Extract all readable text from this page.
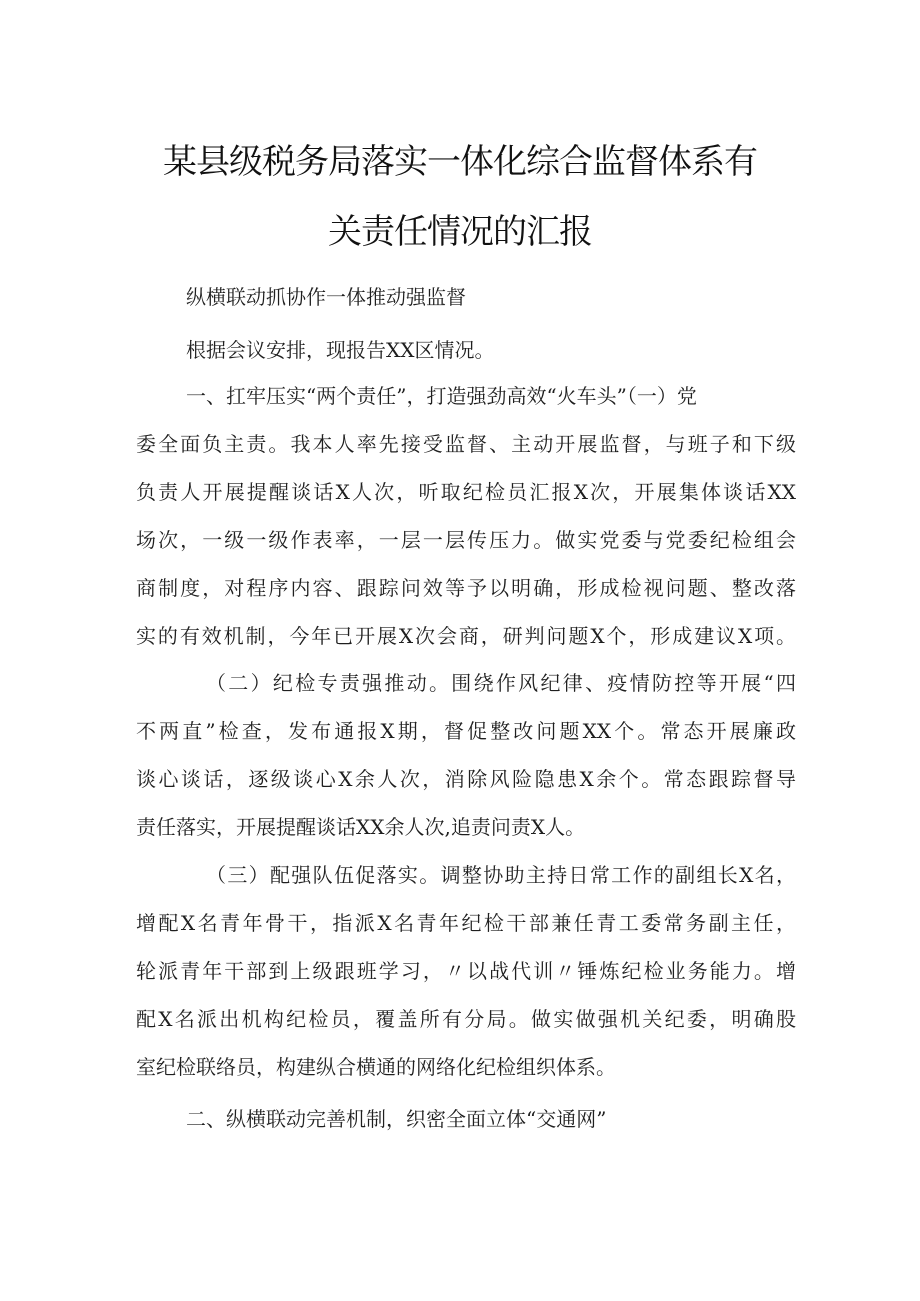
某县级税务局落实一体化综合监督体系有
关责任情况的汇报
纵横联动抓协作一体推动强监督
根据会议安排，现报告XX区情况。
一、扛牢压实“两个责任”，打造强劲高效“火车头”（一）党
委全面负主责。我本人率先接受监督、主动开展监督，与班子和下级
负责人开展提醒谈话X人次，听取纪检员汇报X次，开展集体谈话XX
场次，一级一级作表率，一层一层传压力。做实党委与党委纪检组会
商制度，对程序内容、跟踪问效等予以明确，形成检视问题、整改落
实的有效机制，今年已开展X次会商，研判问题X个，形成建议X项。
（二）纪检专责强推动。围绕作风纪律、疫情防控等开展“四
不两直”检查，发布通报X期，督促整改问题XX个。常态开展廉政
谈心谈话，逐级谈心X余人次，消除风险隐患X余个。常态跟踪督导
责任落实，开展提醒谈话XX余人次,追责问责X人。
（三）配强队伍促落实。调整协助主持日常工作的副组长X名，
增配X名青年骨干，指派X名青年纪检干部兼任青工委常务副主任，
轮派青年干部到上级跟班学习，〃以战代训〃锤炼纪检业务能力。增
配X名派出机构纪检员，覆盖所有分局。做实做强机关纪委，明确股
室纪检联络员，构建纵合横通的网络化纪检组织体系。
二、纵横联动完善机制，织密全面立体“交通网”
